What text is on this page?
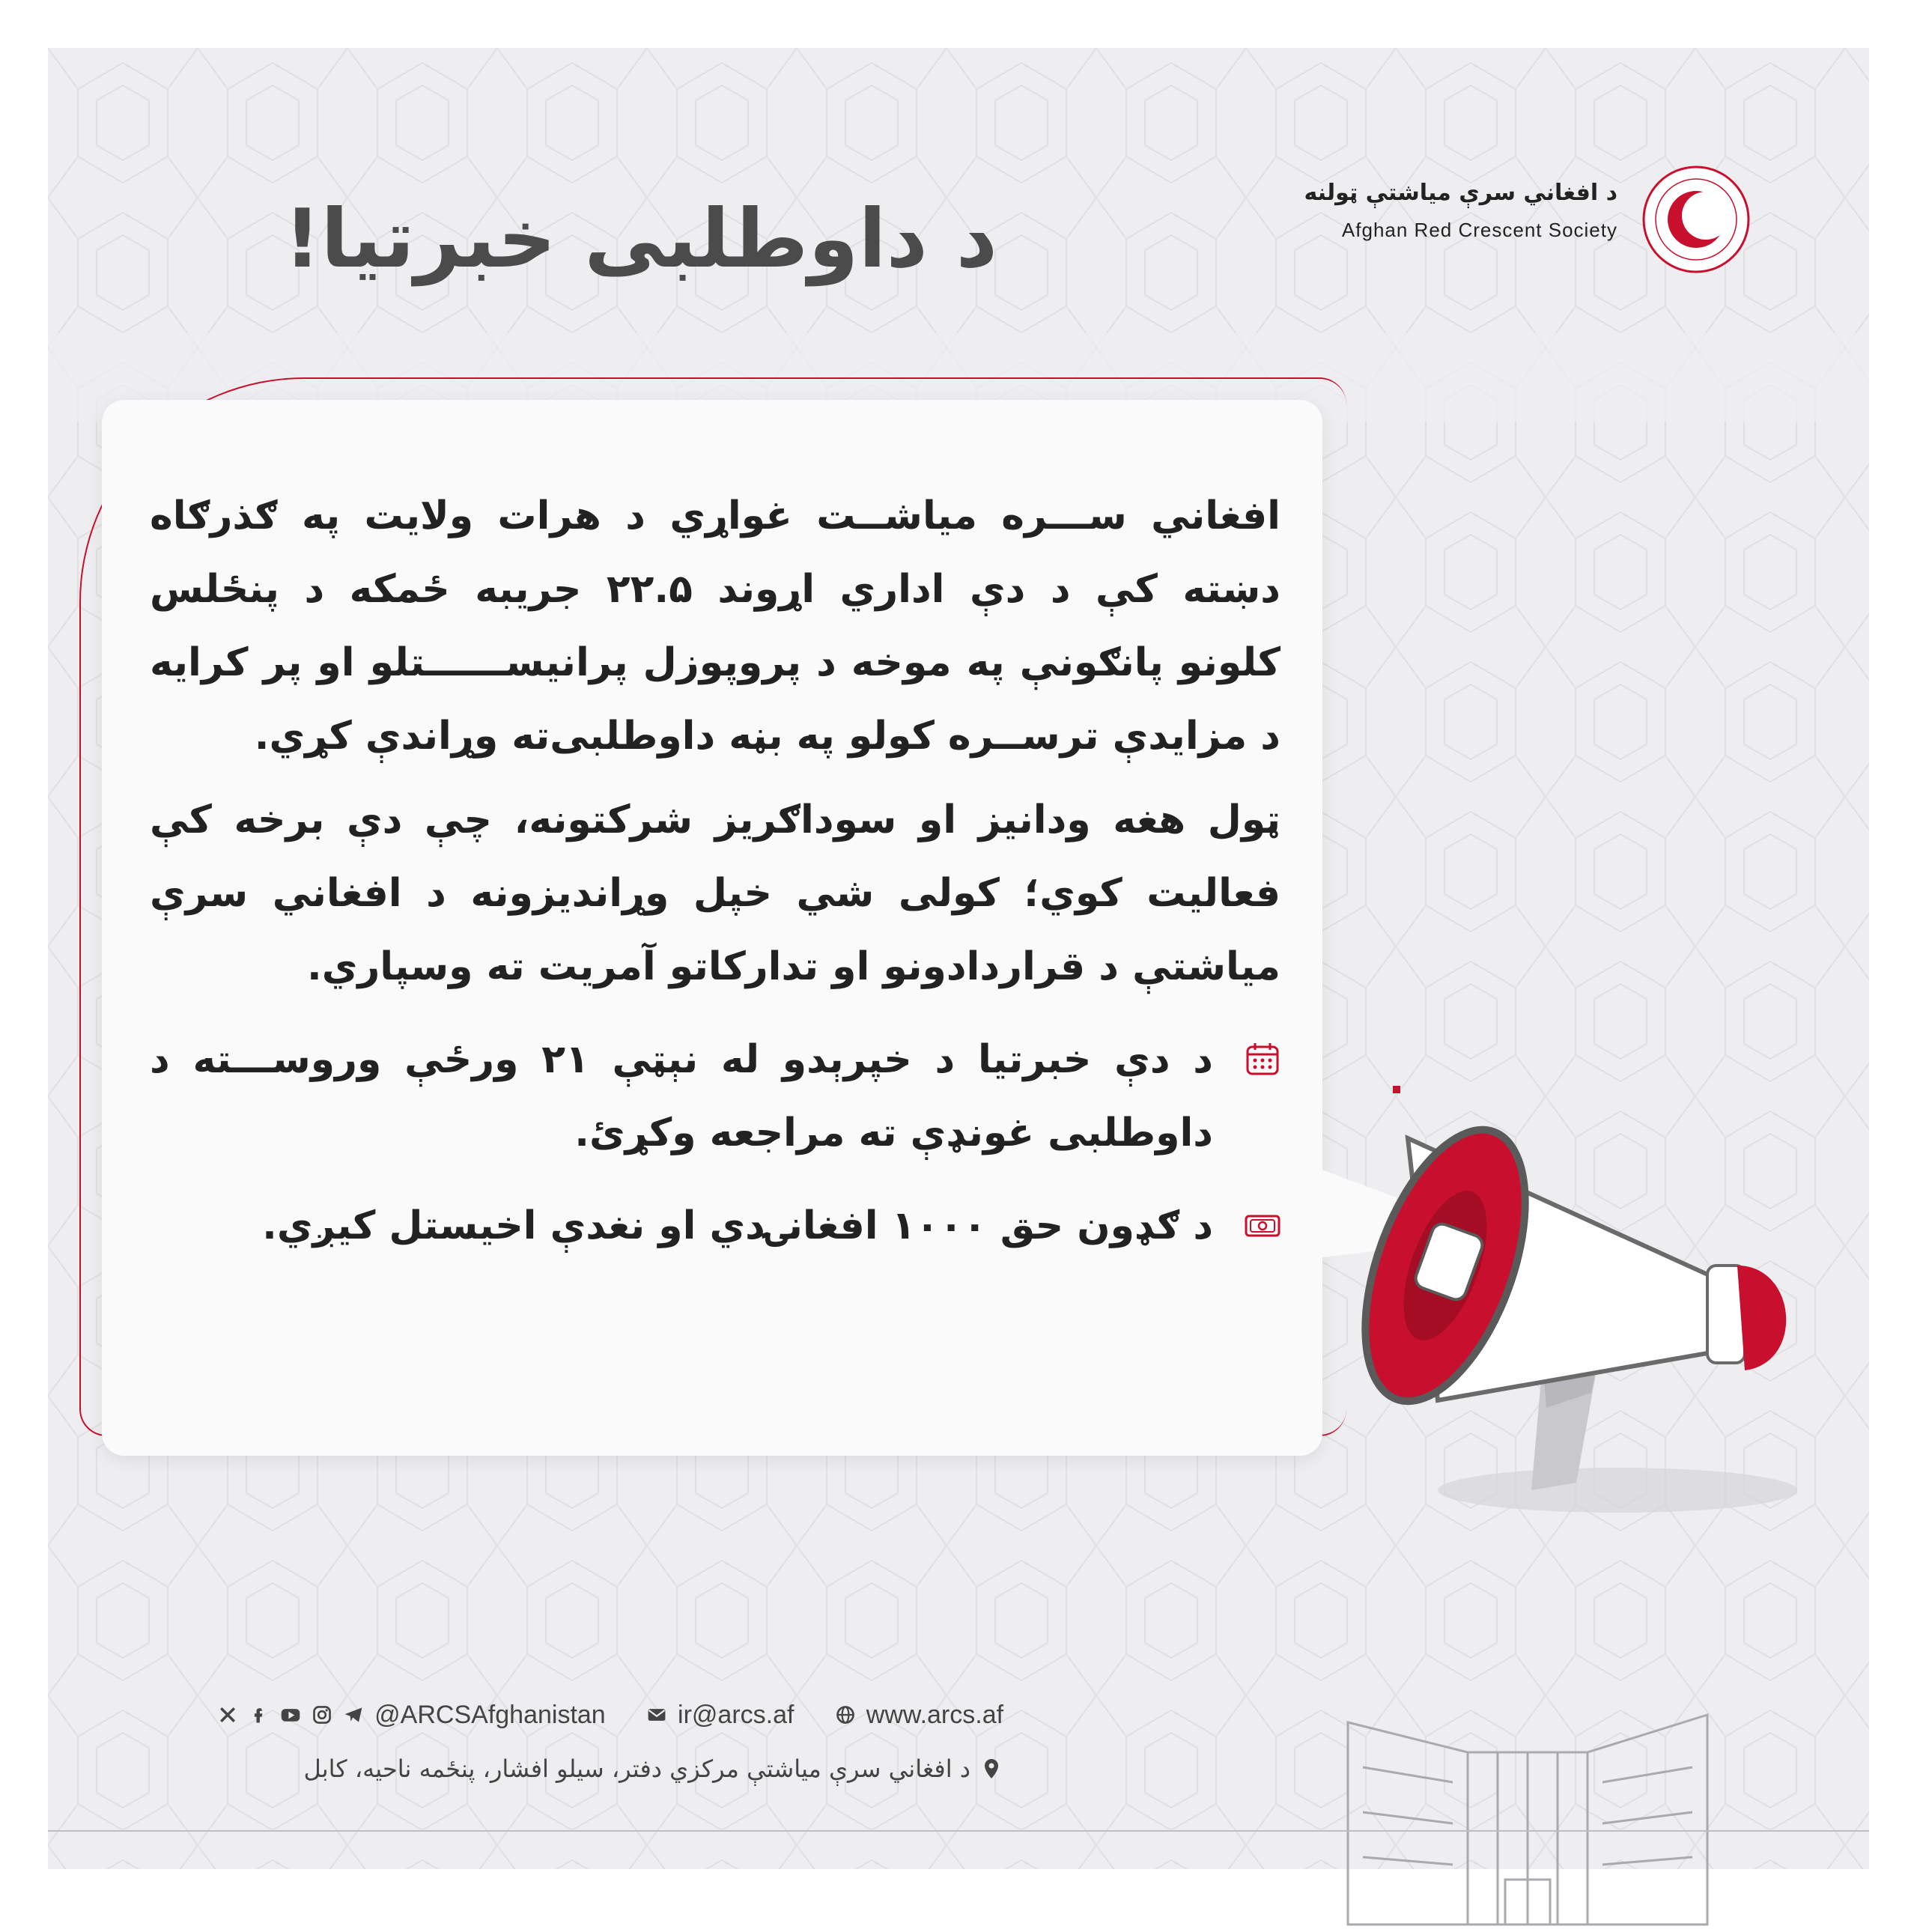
د داوطلبی خبرتیا!	د افغاني سرې میاشتې ټولنه
Afghan Red Crescent Society

افغاني ســـره میاشــت غواړي د هرات ولایت په ګذرګاه دښته کې د دې اداري اړوند ۲۲.۵ جریبه ځمکه د پنځلس کلونو پانګونې په موخه د پروپوزل پرانیســــــتلو او پر کرایه د مزایدې ترســره کولو په بڼه داوطلبی‌ته وړاندې کړي.

ټول هغه ودانیز او سوداګریز شرکتونه، چې د‌ې برخه کې فعالیت کوي؛ کولی شي خپل وړاندیزونه د افغاني سرې میاشتې د قراردادونو او تدارکاتو آمریت ته وسپاري.

د دې خبرتیا د خپرېدو له نېټې ۲۱ ورځې وروســـته د داوطلبی غونډې ته مراجعه وکړئ.
د ګډون حق ۱۰۰۰ افغانۍ‌دي او نغدې اخیستل کیږي.
@ARCSAfghanistan	ir@arcs.af	www.arcs.af
د افغاني سرې میاشتې مرکزي دفتر، سیلو افشار، پنځمه ناحیه، کابل
